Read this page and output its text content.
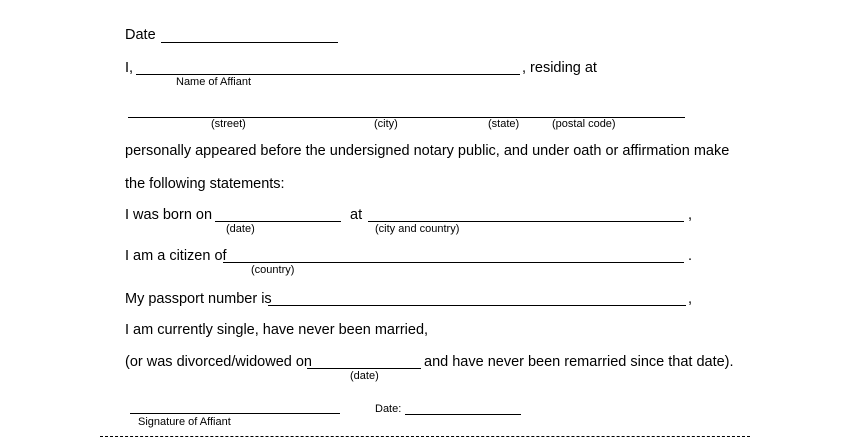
Date
I,	, residing at
Name of Affiant
(street)	(city)	(state)	(postal code)
personally appeared before the undersigned notary public, and under oath or affirmation make
the following statements:
I was born on	at	,
(date)	(city and country)
I am a citizen of	.
(country)
My passport number is	,
I am currently single, have never been married,
(or was divorced/widowed on	and have never been remarried since that date).
(date)
Signature of Affiant
Date:
